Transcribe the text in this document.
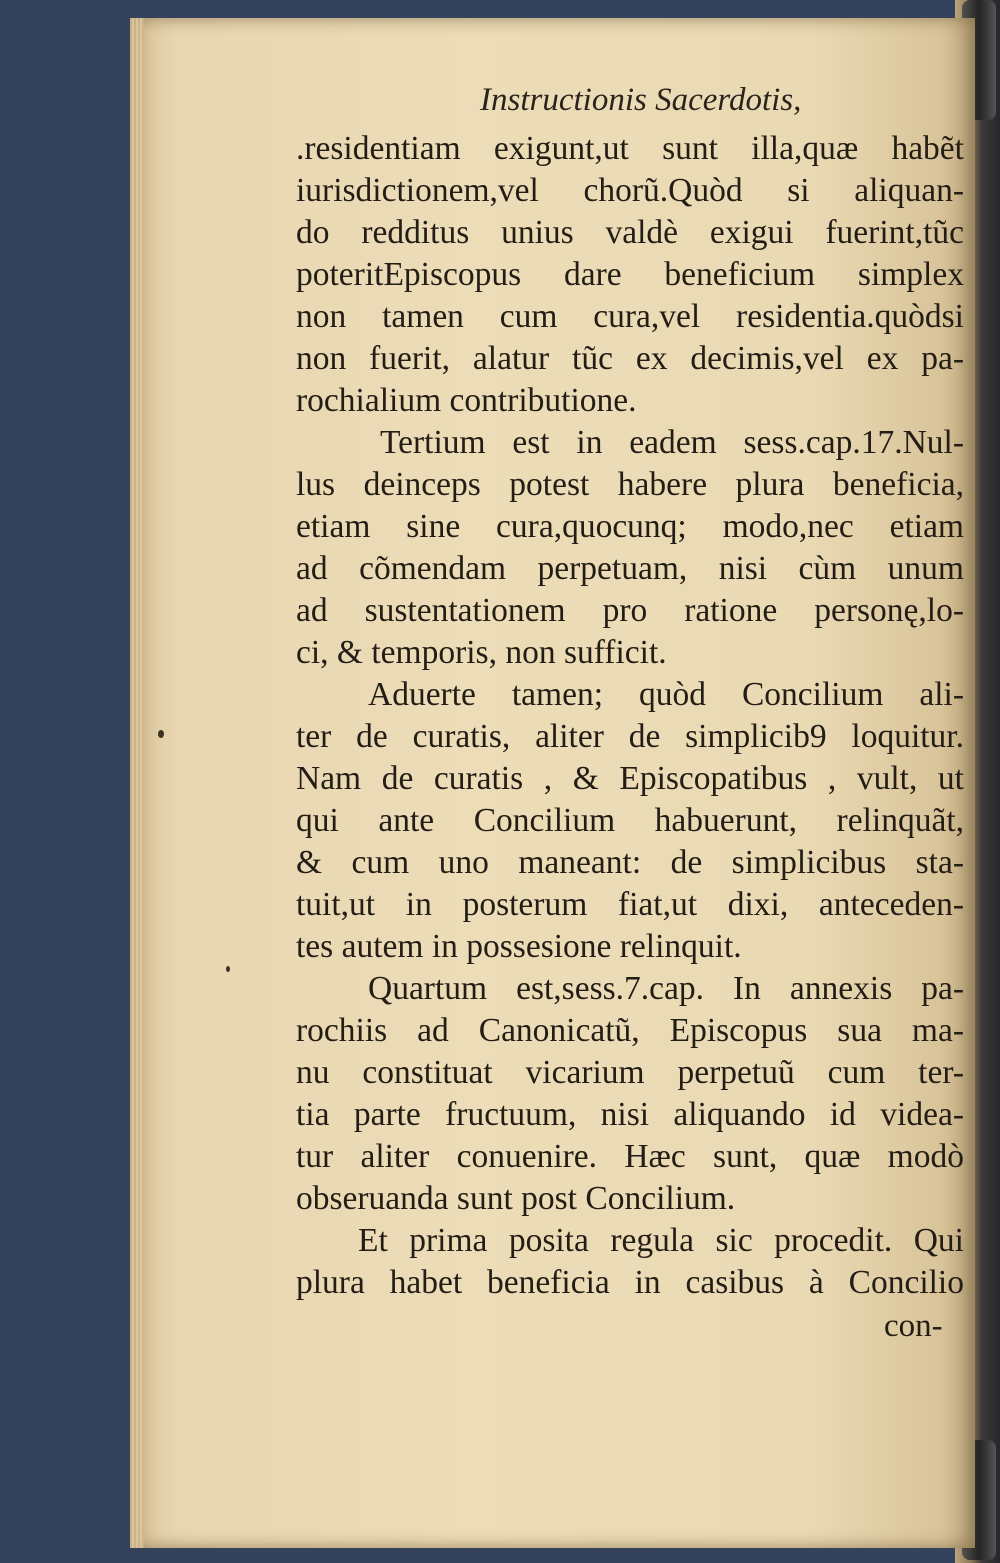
Instructionis Sacerdotis,
.residentiam exigunt,ut sunt illa,quæ habẽt
iurisdictionem,vel chorũ.Quòd si aliquan-
do redditus unius valdè exigui fuerint,tũc
poteritEpiscopus dare beneficium simplex
non tamen cum cura,vel residentia.quòdsi
non fuerit, alatur tũc ex decimis,vel ex pa-
rochialium contributione.
Tertium est in eadem sess.cap.17.Nul-
lus deinceps potest habere plura beneficia,
etiam sine cura,quocunq; modo,nec etiam
ad cõmendam perpetuam, nisi cùm unum
ad sustentationem pro ratione personę,lo-
ci, & temporis, non sufficit.
Aduerte tamen; quòd Concilium ali-
ter de curatis, aliter de simplicib9 loquitur.
Nam de curatis , & Episcopatibus , vult, ut
qui ante Concilium habuerunt, relinquãt,
& cum uno maneant: de simplicibus sta-
tuit,ut in posterum fiat,ut dixi, anteceden-
tes autem in possesione relinquit.
Quartum est,sess.7.cap. In annexis pa-
rochiis ad Canonicatũ, Episcopus sua ma-
nu constituat vicarium perpetuũ cum ter-
tia parte fructuum, nisi aliquando id videa-
tur aliter conuenire. Hæc sunt, quæ modò
obseruanda sunt post Concilium.
Et prima posita regula sic procedit. Qui
plura habet beneficia in casibus à Concilio
con-
